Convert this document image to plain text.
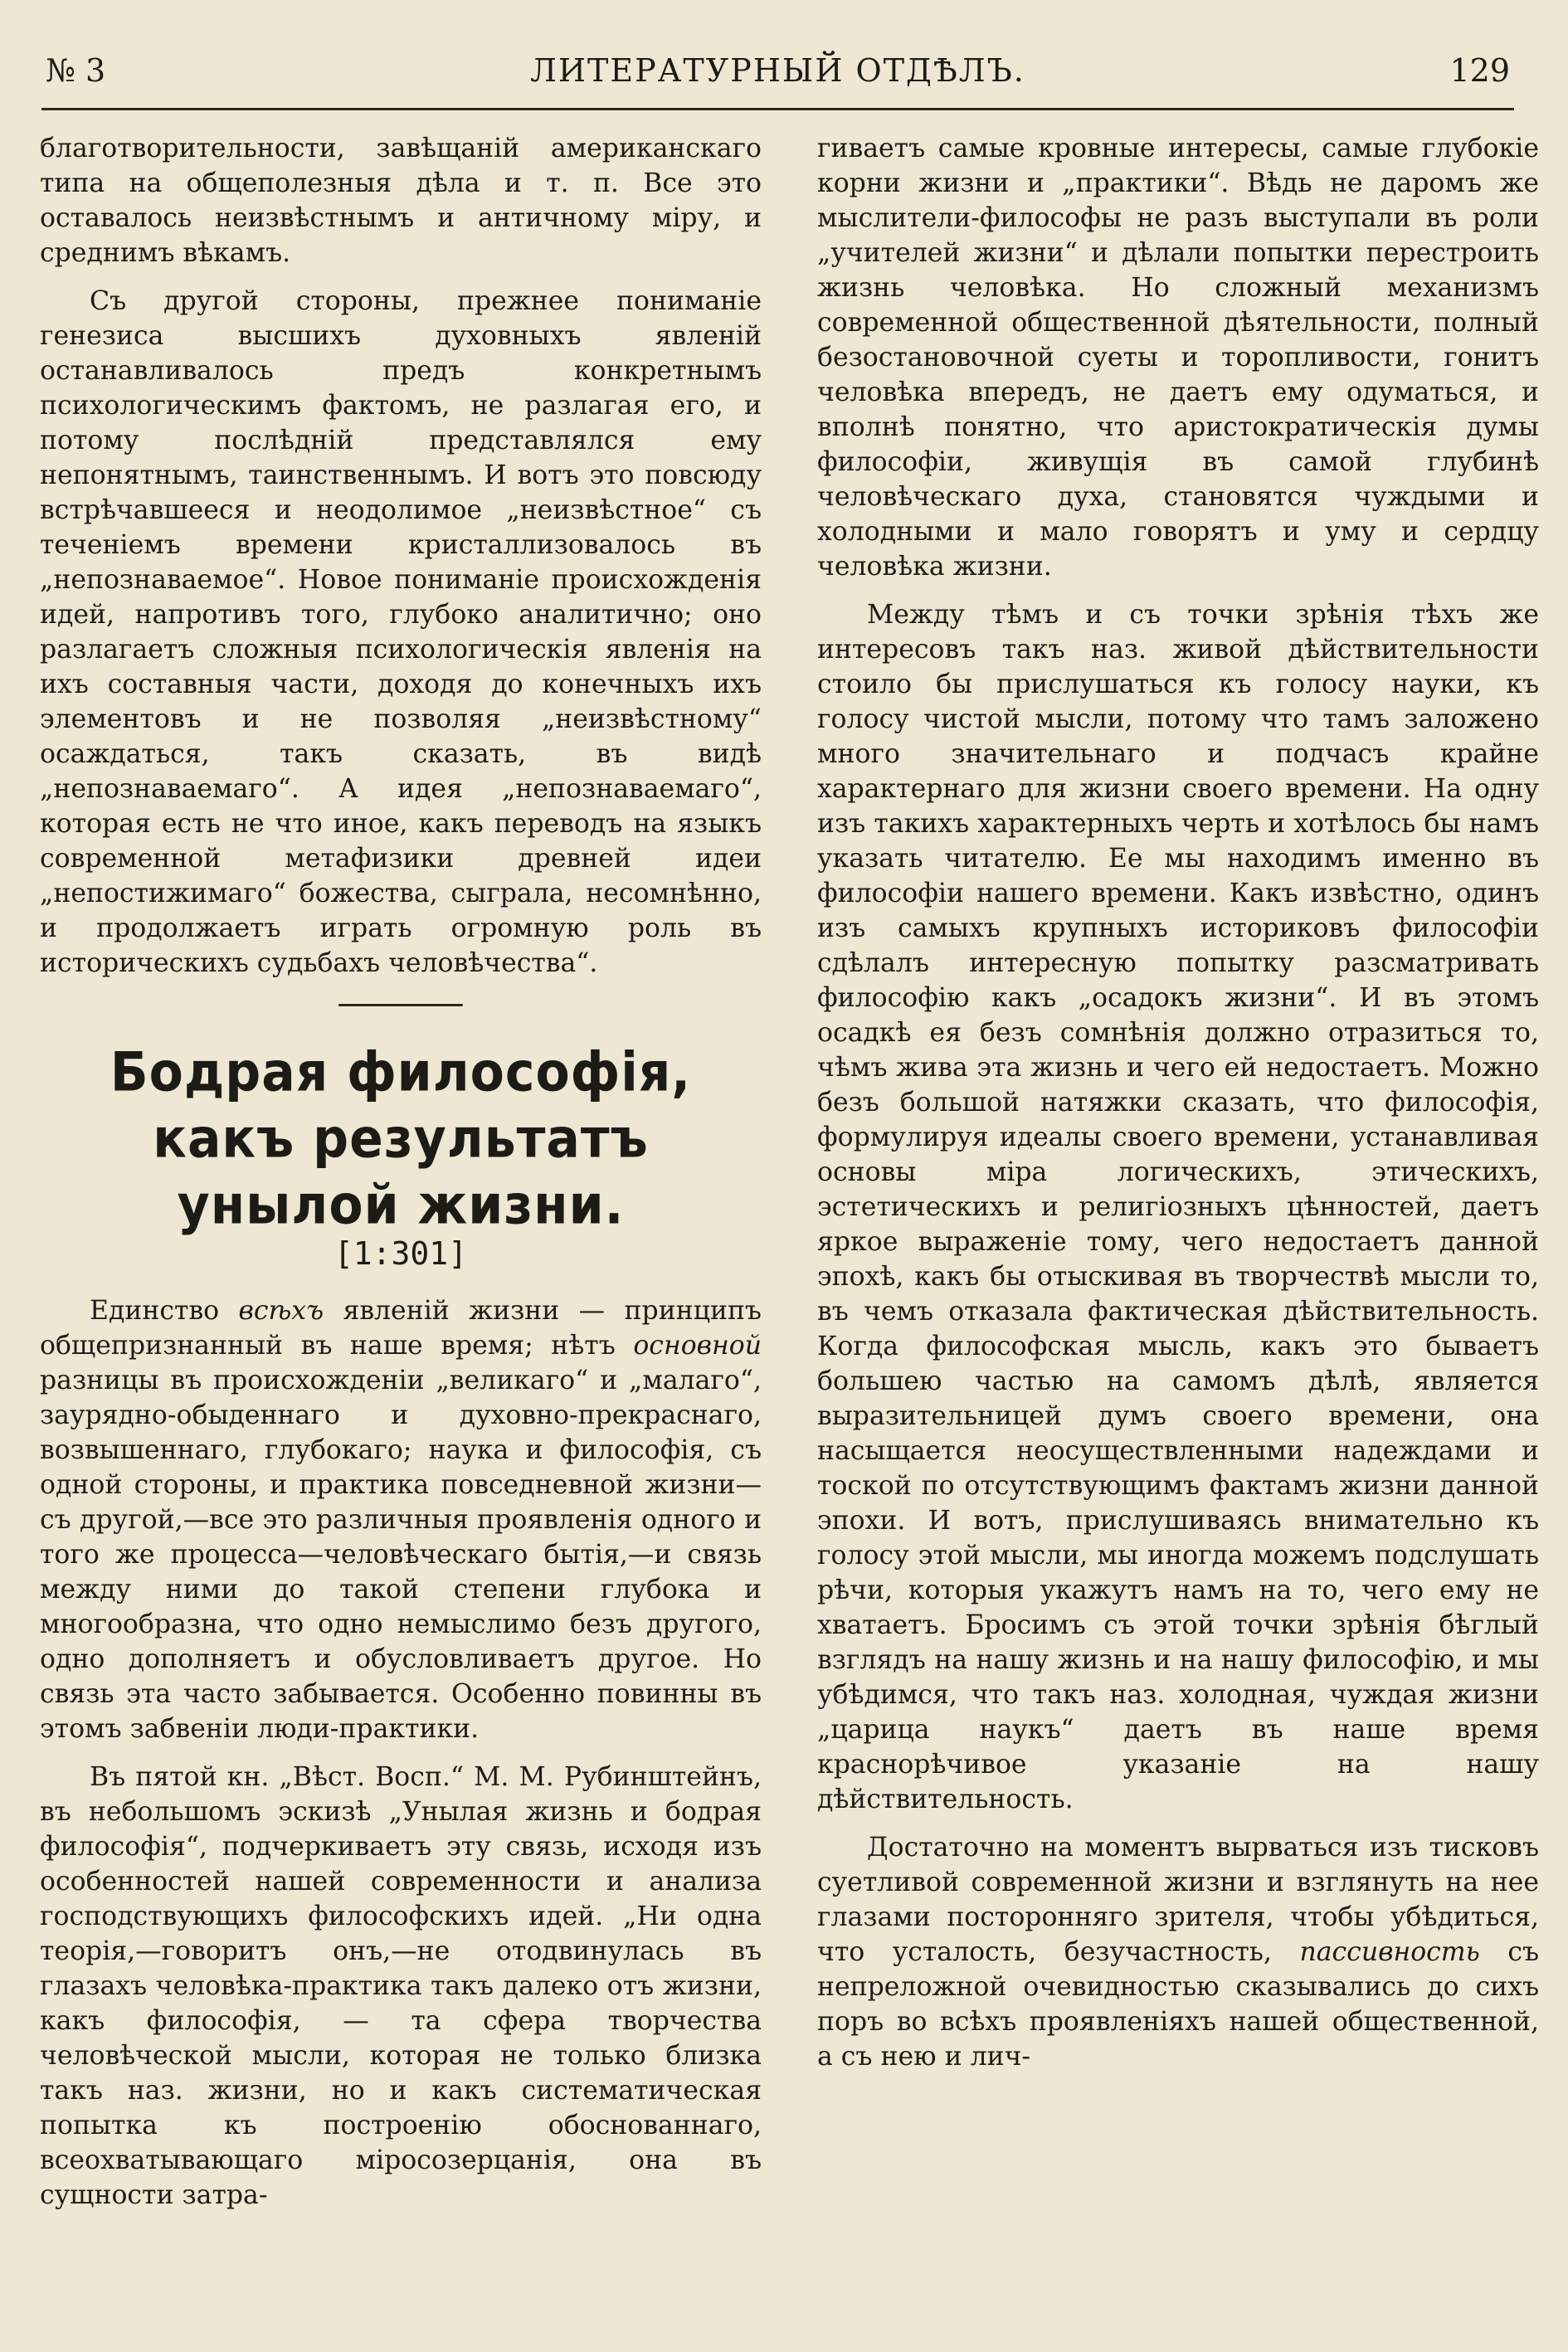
№ 3	ЛИТЕРАТУРНЫЙ ОТДѢЛЪ.	129

благотворительности, завѣщанiй американскаго типа на общеполезныя дѣла и т. п. Все это оставалось неизвѣстнымъ и античному мiру, и среднимъ вѣкамъ.

Съ другой стороны, прежнее пониманiе генезиса высшихъ духовныхъ явленiй останавливалось предъ конкретнымъ психологическимъ фактомъ, не разлагая его, и потому послѣднiй представлялся ему непонятнымъ, таинственнымъ. И вотъ это повсюду встрѣчавшееся и неодолимое „неизвѣстное“ съ теченiемъ времени кристаллизовалось въ „непознаваемое“. Новое пониманiе происхожденiя идей, напротивъ того, глубоко аналитично; оно разлагаетъ сложныя психологическiя явленiя на ихъ составныя части, доходя до конечныхъ ихъ элементовъ и не позволяя „неизвѣстному“ осаждаться, такъ сказать, въ видѣ „непознаваемаго“. А идея „непознаваемаго“, которая есть не что иное, какъ переводъ на языкъ современной метафизики древней идеи „непостижимаго“ божества, сыграла, несомнѣнно, и продолжаетъ играть огромную роль въ историческихъ судьбахъ человѣчества“.

Бодрая философiя, какъ результатъ унылой жизни.
[1:301]

Единство всѣхъ явленiй жизни — принципъ общепризнанный въ наше время; нѣтъ основной разницы въ происхожденiи „великаго“ и „малаго“, заурядно-обыденнаго и духовно-прекраснаго, возвышеннаго, глубокаго; наука и философiя, съ одной стороны, и практика повседневной жизни—съ другой,—все это различныя проявленiя одного и того же процесса—человѣческаго бытiя,—и связь между ними до такой степени глубока и многообразна, что одно немыслимо безъ другого, одно дополняетъ и обусловливаетъ другое. Но связь эта часто забывается. Особенно повинны въ этомъ забвенiи люди-практики.

Въ пятой кн. „Вѣст. Восп.“ М. М. Рубинштейнъ, въ небольшомъ эскизѣ „Унылая жизнь и бодрая философiя“, подчеркиваетъ эту связь, исходя изъ особенностей нашей современности и анализа господствующихъ философскихъ идей. „Ни одна теорiя,—говоритъ онъ,—не отодвинулась въ глазахъ человѣка-практика такъ далеко отъ жизни, какъ философiя, — та сфера творчества человѣческой мысли, которая не только близка такъ наз. жизни, но и какъ систематическая попытка къ построенiю обоснованнаго, всеохватывающаго мiросозерцанiя, она въ сущности затра-

гиваетъ самые кровные интересы, самые глубокiе корни жизни и „практики“. Вѣдь не даромъ же мыслители-философы не разъ выступали въ роли „учителей жизни“ и дѣлали попытки перестроить жизнь человѣка. Но сложный механизмъ современной общественной дѣятельности, полный безостановочной суеты и торопливости, гонитъ человѣка впередъ, не даетъ ему одуматься, и вполнѣ понятно, что аристократическiя думы философiи, живущiя въ самой глубинѣ человѣческаго духа, становятся чуждыми и холодными и мало говорятъ и уму и сердцу человѣка жизни.

Между тѣмъ и съ точки зрѣнiя тѣхъ же интересовъ такъ наз. живой дѣйствительности стоило бы прислушаться къ голосу науки, къ голосу чистой мысли, потому что тамъ заложено много значительнаго и подчасъ крайне характернаго для жизни своего времени. На одну изъ такихъ характерныхъ черть и хотѣлось бы намъ указать читателю. Ее мы находимъ именно въ философiи нашего времени. Какъ извѣстно, одинъ изъ самыхъ крупныхъ историковъ философiи сдѣлалъ интересную попытку разсматривать философiю какъ „осадокъ жизни“. И въ этомъ осадкѣ ея безъ сомнѣнiя должно отразиться то, чѣмъ жива эта жизнь и чего ей недостаетъ. Можно безъ большой натяжки сказать, что философiя, формулируя идеалы своего времени, устанавливая основы мiра логическихъ, этическихъ, эстетическихъ и религiозныхъ цѣнностей, даетъ яркое выраженiе тому, чего недостаетъ данной эпохѣ, какъ бы отыскивая въ творчествѣ мысли то, въ чемъ отказала фактическая дѣйствительность. Когда философская мысль, какъ это бываетъ большею частью на самомъ дѣлѣ, является выразительницей думъ своего времени, она насыщается неосуществленными надеждами и тоской по отсутствующимъ фактамъ жизни данной эпохи. И вотъ, прислушиваясь внимательно къ голосу этой мысли, мы иногда можемъ подслушать рѣчи, которыя укажутъ намъ на то, чего ему не хватаетъ. Бросимъ съ этой точки зрѣнiя бѣглый взглядъ на нашу жизнь и на нашу философiю, и мы убѣдимся, что такъ наз. холодная, чуждая жизни „царица наукъ“ даетъ въ наше время краснорѣчивое указанiе на нашу дѣйствительность.

Достаточно на моментъ вырваться изъ тисковъ суетливой современной жизни и взглянуть на нее глазами посторонняго зрителя, чтобы убѣдиться, что усталость, безучастность, пассивность съ непреложной очевидностью сказывались до сихъ поръ во всѣхъ проявленiяхъ нашей общественной, а съ нею и лич-
